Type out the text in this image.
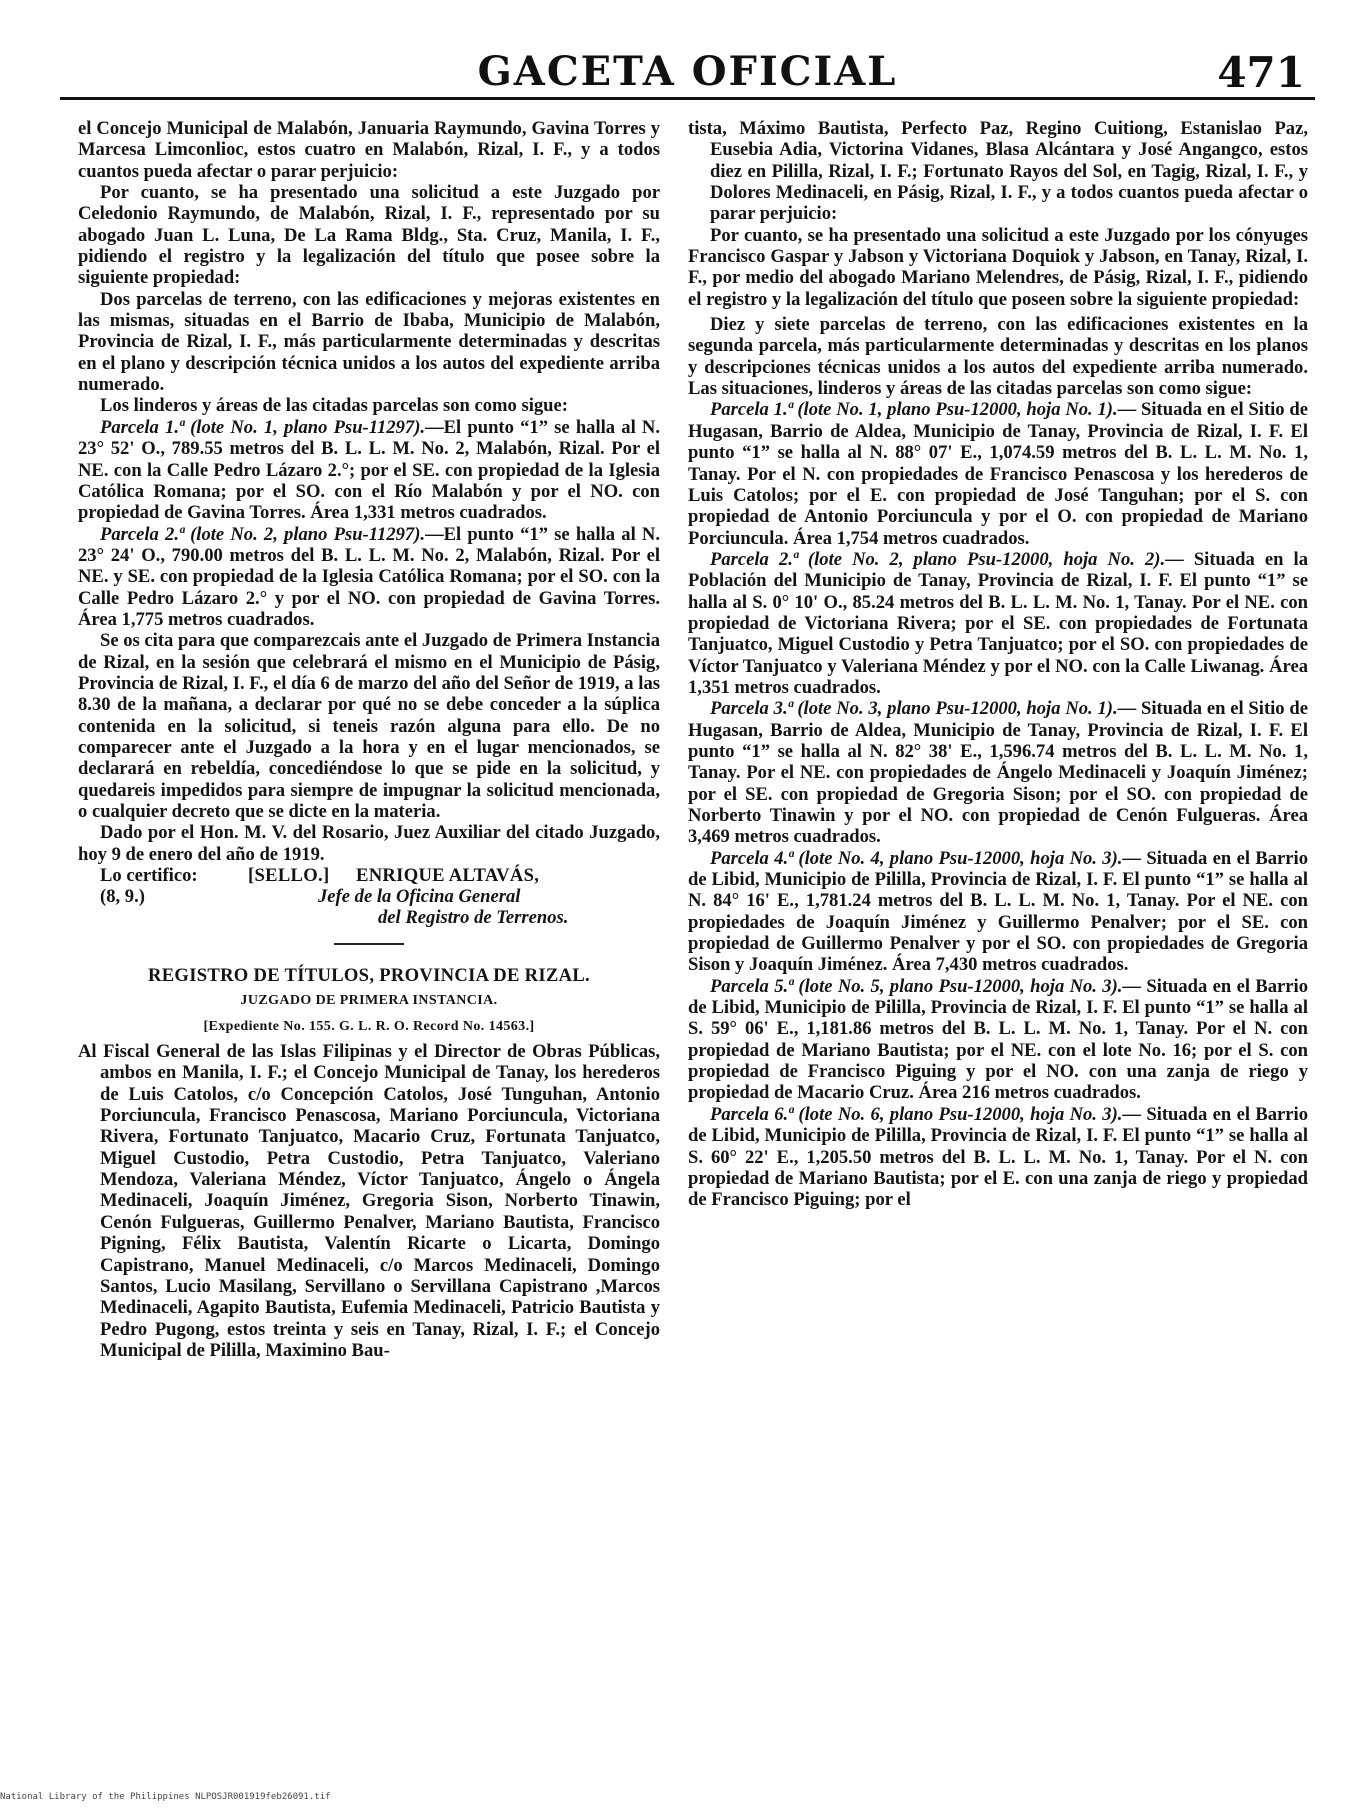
GACETA OFICIAL	471

el Concejo Municipal de Malabón, Januaria Raymundo, Gavina Torres y Marcesa Limconlioc, estos cuatro en Malabón, Rizal, I. F., y a todos cuantos pueda afectar o parar perjuicio:

Por cuanto, se ha presentado una solicitud a este Juzgado por Celedonio Raymundo, de Malabón, Rizal, I. F., representado por su abogado Juan L. Luna, De La Rama Bldg., Sta. Cruz, Manila, I. F., pidiendo el registro y la legalización del título que posee sobre la siguiente propiedad:

Dos parcelas de terreno, con las edificaciones y mejoras existentes en las mismas, situadas en el Barrio de Ibaba, Municipio de Malabón, Provincia de Rizal, I. F., más particularmente determinadas y descritas en el plano y descripción técnica unidos a los autos del expediente arriba numerado.

Los linderos y áreas de las citadas parcelas son como sigue:

Parcela 1.ª (lote No. 1, plano Psu-11297).—El punto “1” se halla al N. 23° 52' O., 789.55 metros del B. L. L. M. No. 2, Malabón, Rizal. Por el NE. con la Calle Pedro Lázaro 2.°; por el SE. con propiedad de la Iglesia Católica Romana; por el SO. con el Río Malabón y por el NO. con propiedad de Gavina Torres. Área 1,331 metros cuadrados.

Parcela 2.ª (lote No. 2, plano Psu-11297).—El punto “1” se halla al N. 23° 24' O., 790.00 metros del B. L. L. M. No. 2, Malabón, Rizal. Por el NE. y SE. con propiedad de la Iglesia Católica Romana; por el SO. con la Calle Pedro Lázaro 2.° y por el NO. con propiedad de Gavina Torres. Área 1,775 metros cuadrados.

Se os cita para que comparezcais ante el Juzgado de Primera Instancia de Rizal, en la sesión que celebrará el mismo en el Municipio de Pásig, Provincia de Rizal, I. F., el día 6 de marzo del año del Señor de 1919, a las 8.30 de la mañana, a declarar por qué no se debe conceder a la súplica contenida en la solicitud, si teneis razón alguna para ello. De no comparecer ante el Juzgado a la hora y en el lugar mencionados, se declarará en rebeldía, concediéndose lo que se pide en la solicitud, y quedareis impedidos para siempre de impugnar la solicitud mencionada, o cualquier decreto que se dicte en la materia.

Dado por el Hon. M. V. del Rosario, Juez Auxiliar del citado Juzgado, hoy 9 de enero del año de 1919.

Lo certifico:	[SELLO.] ENRIQUE ALTAVÁS,
(8, 9.)	Jefe de la Oficina General
del Registro de Terrenos.

REGISTRO DE TÍTULOS, PROVINCIA DE RIZAL.

JUZGADO DE PRIMERA INSTANCIA.

[Expediente No. 155. G. L. R. O. Record No. 14563.]

Al Fiscal General de las Islas Filipinas y el Director de Obras Públicas, ambos en Manila, I. F.; el Concejo Municipal de Tanay, los herederos de Luis Catolos, c/o Concepción Catolos, José Tunguhan, Antonio Porciuncula, Francisco Penascosa, Mariano Porciuncula, Victoriana Rivera, Fortunato Tanjuatco, Macario Cruz, Fortunata Tanjuatco, Miguel Custodio, Petra Custodio, Petra Tanjuatco, Valeriano Mendoza, Valeriana Méndez, Víctor Tanjuatco, Ángelo o Ángela Medinaceli, Joaquín Jiménez, Gregoria Sison, Norberto Tinawin, Cenón Fulgueras, Guillermo Penalver, Mariano Bautista, Francisco Pigning, Félix Bautista, Valentín Ricarte o Licarta, Domingo Capistrano, Manuel Medinaceli, c/o Marcos Medinaceli, Domingo Santos, Lucio Masilang, Servillano o Servillana Capistrano ,Marcos Medinaceli, Agapito Bautista, Eufemia Medinaceli, Patricio Bautista y Pedro Pugong, estos treinta y seis en Tanay, Rizal, I. F.; el Concejo Municipal de Pililla, Maximino Bau-

tista, Máximo Bautista, Perfecto Paz, Regino Cuitiong, Estanislao Paz, Eusebia Adia, Victorina Vidanes, Blasa Alcántara y José Angangco, estos diez en Pililla, Rizal, I. F.; Fortunato Rayos del Sol, en Tagig, Rizal, I. F., y Dolores Medinaceli, en Pásig, Rizal, I. F., y a todos cuantos pueda afectar o parar perjuicio:

Por cuanto, se ha presentado una solicitud a este Juzgado por los cónyuges Francisco Gaspar y Jabson y Victoriana Doquiok y Jabson, en Tanay, Rizal, I. F., por medio del abogado Mariano Melendres, de Pásig, Rizal, I. F., pidiendo el registro y la legalización del título que poseen sobre la siguiente propiedad:

Diez y siete parcelas de terreno, con las edificaciones existentes en la segunda parcela, más particularmente determinadas y descritas en los planos y descripciones técnicas unidos a los autos del expediente arriba numerado. Las situaciones, linderos y áreas de las citadas parcelas son como sigue:

Parcela 1.ª (lote No. 1, plano Psu-12000, hoja No. 1).— Situada en el Sitio de Hugasan, Barrio de Aldea, Municipio de Tanay, Provincia de Rizal, I. F. El punto “1” se halla al N. 88° 07' E., 1,074.59 metros del B. L. L. M. No. 1, Tanay. Por el N. con propiedades de Francisco Penascosa y los herederos de Luis Catolos; por el E. con propiedad de José Tanguhan; por el S. con propiedad de Antonio Porciuncula y por el O. con propiedad de Mariano Porciuncula. Área 1,754 metros cuadrados.

Parcela 2.ª (lote No. 2, plano Psu-12000, hoja No. 2).— Situada en la Población del Municipio de Tanay, Provincia de Rizal, I. F. El punto “1” se halla al S. 0° 10' O., 85.24 metros del B. L. L. M. No. 1, Tanay. Por el NE. con propiedad de Victoriana Rivera; por el SE. con propiedades de Fortunata Tanjuatco, Miguel Custodio y Petra Tanjuatco; por el SO. con propiedades de Víctor Tanjuatco y Valeriana Méndez y por el NO. con la Calle Liwanag. Área 1,351 metros cuadrados.

Parcela 3.ª (lote No. 3, plano Psu-12000, hoja No. 1).— Situada en el Sitio de Hugasan, Barrio de Aldea, Municipio de Tanay, Provincia de Rizal, I. F. El punto “1” se halla al N. 82° 38' E., 1,596.74 metros del B. L. L. M. No. 1, Tanay. Por el NE. con propiedades de Ángelo Medinaceli y Joaquín Jiménez; por el SE. con propiedad de Gregoria Sison; por el SO. con propiedad de Norberto Tinawin y por el NO. con propiedad de Cenón Fulgueras. Área 3,469 metros cuadrados.

Parcela 4.ª (lote No. 4, plano Psu-12000, hoja No. 3).— Situada en el Barrio de Libid, Municipio de Pililla, Provincia de Rizal, I. F. El punto “1” se halla al N. 84° 16' E., 1,781.24 metros del B. L. L. M. No. 1, Tanay. Por el NE. con propiedades de Joaquín Jiménez y Guillermo Penalver; por el SE. con propiedad de Guillermo Penalver y por el SO. con propiedades de Gregoria Sison y Joaquín Jiménez. Área 7,430 metros cuadrados.

Parcela 5.ª (lote No. 5, plano Psu-12000, hoja No. 3).— Situada en el Barrio de Libid, Municipio de Pililla, Provincia de Rizal, I. F. El punto “1” se halla al S. 59° 06' E., 1,181.86 metros del B. L. L. M. No. 1, Tanay. Por el N. con propiedad de Mariano Bautista; por el NE. con el lote No. 16; por el S. con propiedad de Francisco Piguing y por el NO. con una zanja de riego y propiedad de Macario Cruz. Área 216 metros cuadrados.

Parcela 6.ª (lote No. 6, plano Psu-12000, hoja No. 3).— Situada en el Barrio de Libid, Municipio de Pililla, Provincia de Rizal, I. F. El punto “1” se halla al S. 60° 22' E., 1,205.50 metros del B. L. L. M. No. 1, Tanay. Por el N. con propiedad de Mariano Bautista; por el E. con una zanja de riego y propiedad de Francisco Piguing; por el

National Library of the Philippines NLPOSJR001919feb26091.tif
